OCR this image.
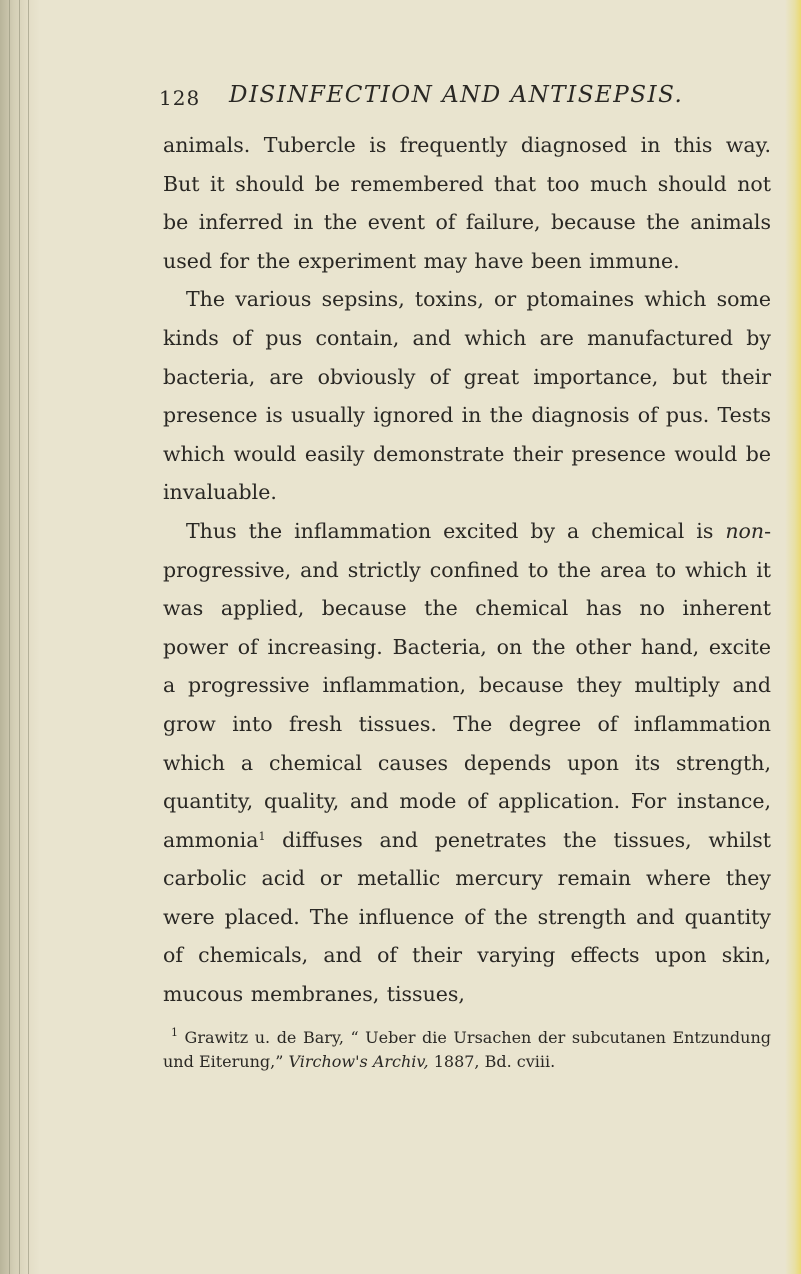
128 DISINFECTION AND ANTISEPSIS.

animals. Tubercle is frequently diagnosed in this way. But it should be remembered that too much should not be inferred in the event of failure, because the animals used for the experiment may have been immune.

The various sepsins, toxins, or ptomaines which some kinds of pus contain, and which are manufactured by bacteria, are obviously of great importance, but their presence is usually ignored in the diagnosis of pus. Tests which would easily demonstrate their presence would be invaluable.

Thus the inflammation excited by a chemical is non-progressive, and strictly confined to the area to which it was applied, because the chemical has no inherent power of increasing. Bacteria, on the other hand, excite a progressive inflammation, because they multiply and grow into fresh tissues. The degree of inflammation which a chemical causes depends upon its strength, quantity, quality, and mode of application. For instance, ammonia$^1$ diffuses and penetrates the tissues, whilst carbolic acid or metallic mercury remain where they were placed. The influence of the strength and quantity of chemicals, and of their varying effects upon skin, mucous membranes, tissues,

$^1$ Grawitz u. de Bary, “ Ueber die Ursachen der subcutanen Entzundung und Eiterung,” Virchow's Archiv, 1887, Bd. cviii.
